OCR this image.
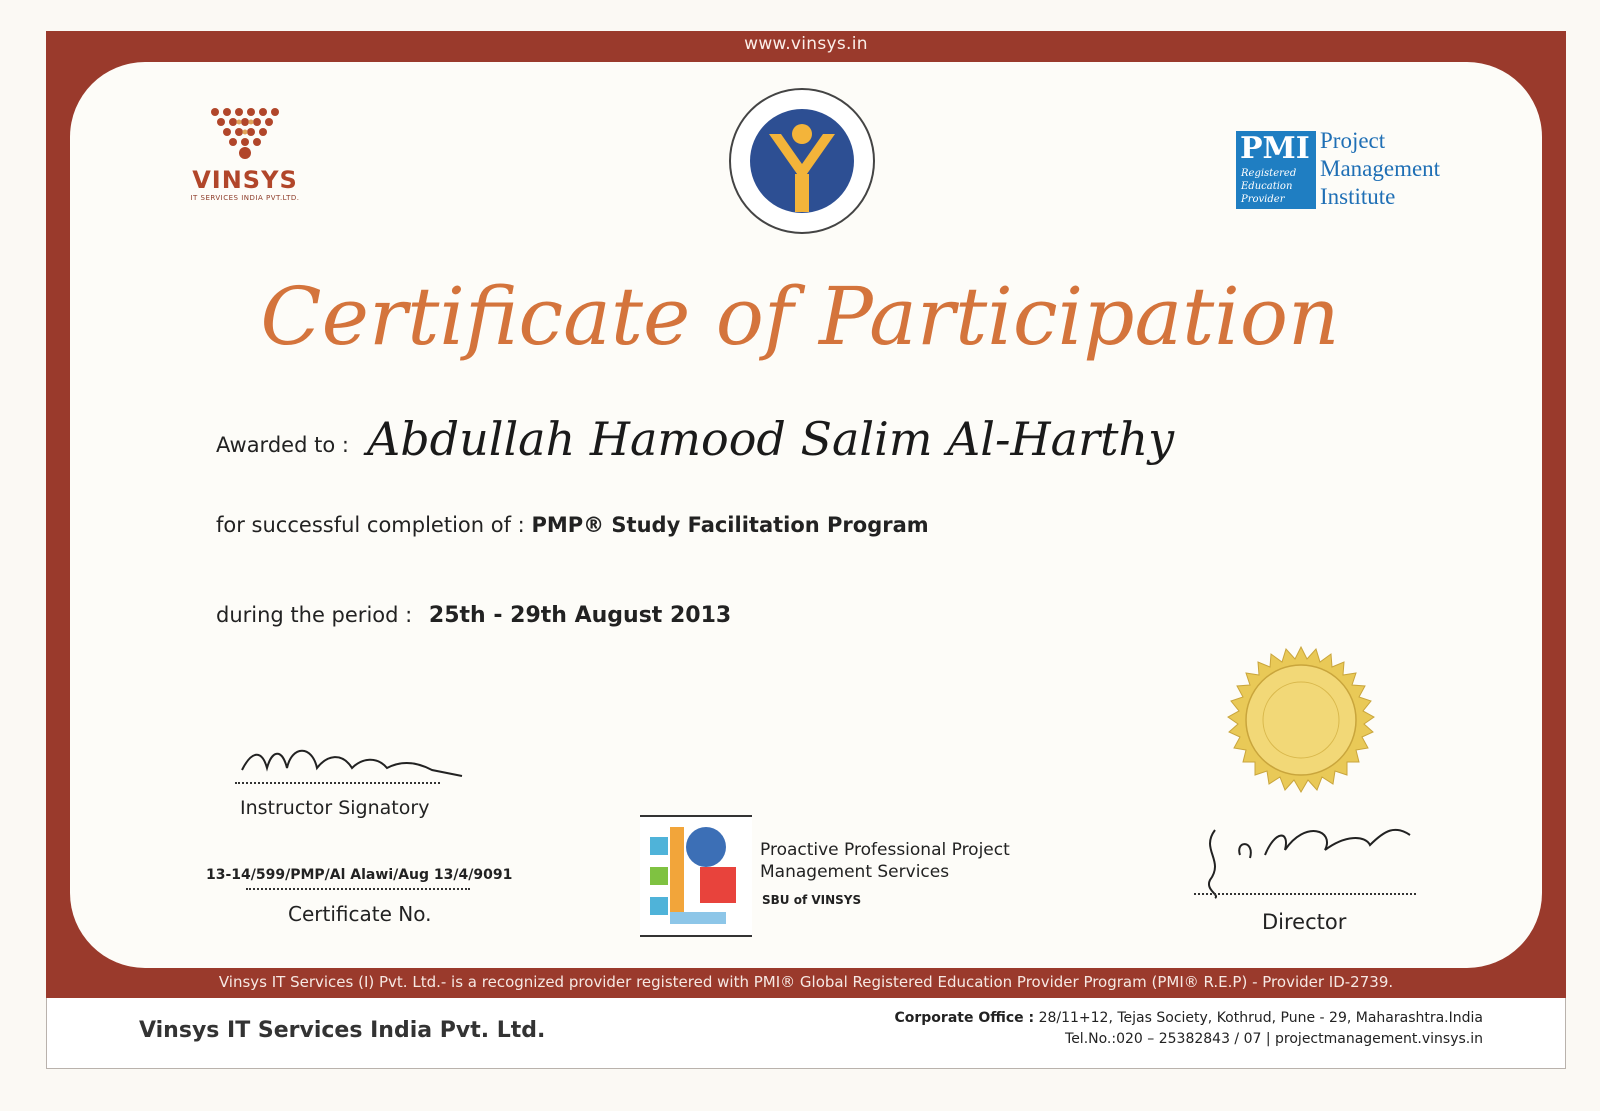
www.vinsys.in
VINSYS
IT SERVICES INDIA PVT.LTD.
PMI
Registered
Education
Provider
Project
Management
Institute
Certificate of Participation
Awarded to : Abdullah Hamood Salim Al-Harthy
for successful completion of : PMP® Study Facilitation Program
during the period : 25th - 29th August 2013
Instructor Signatory
13-14/599/PMP/Al Alawi/Aug 13/4/9091
Certificate No.
Proactive Professional Project
Management Services
SBU of VINSYS
Director
Vinsys IT Services (I) Pvt. Ltd.- is a recognized provider registered with PMI® Global Registered Education Provider Program (PMI® R.E.P) - Provider ID-2739.
Vinsys IT Services India Pvt. Ltd.	Corporate Office : 28/11+12, Tejas Society, Kothrud, Pune - 29, Maharashtra.India
Tel.No.:020 – 25382843 / 07 | projectmanagement.vinsys.in
